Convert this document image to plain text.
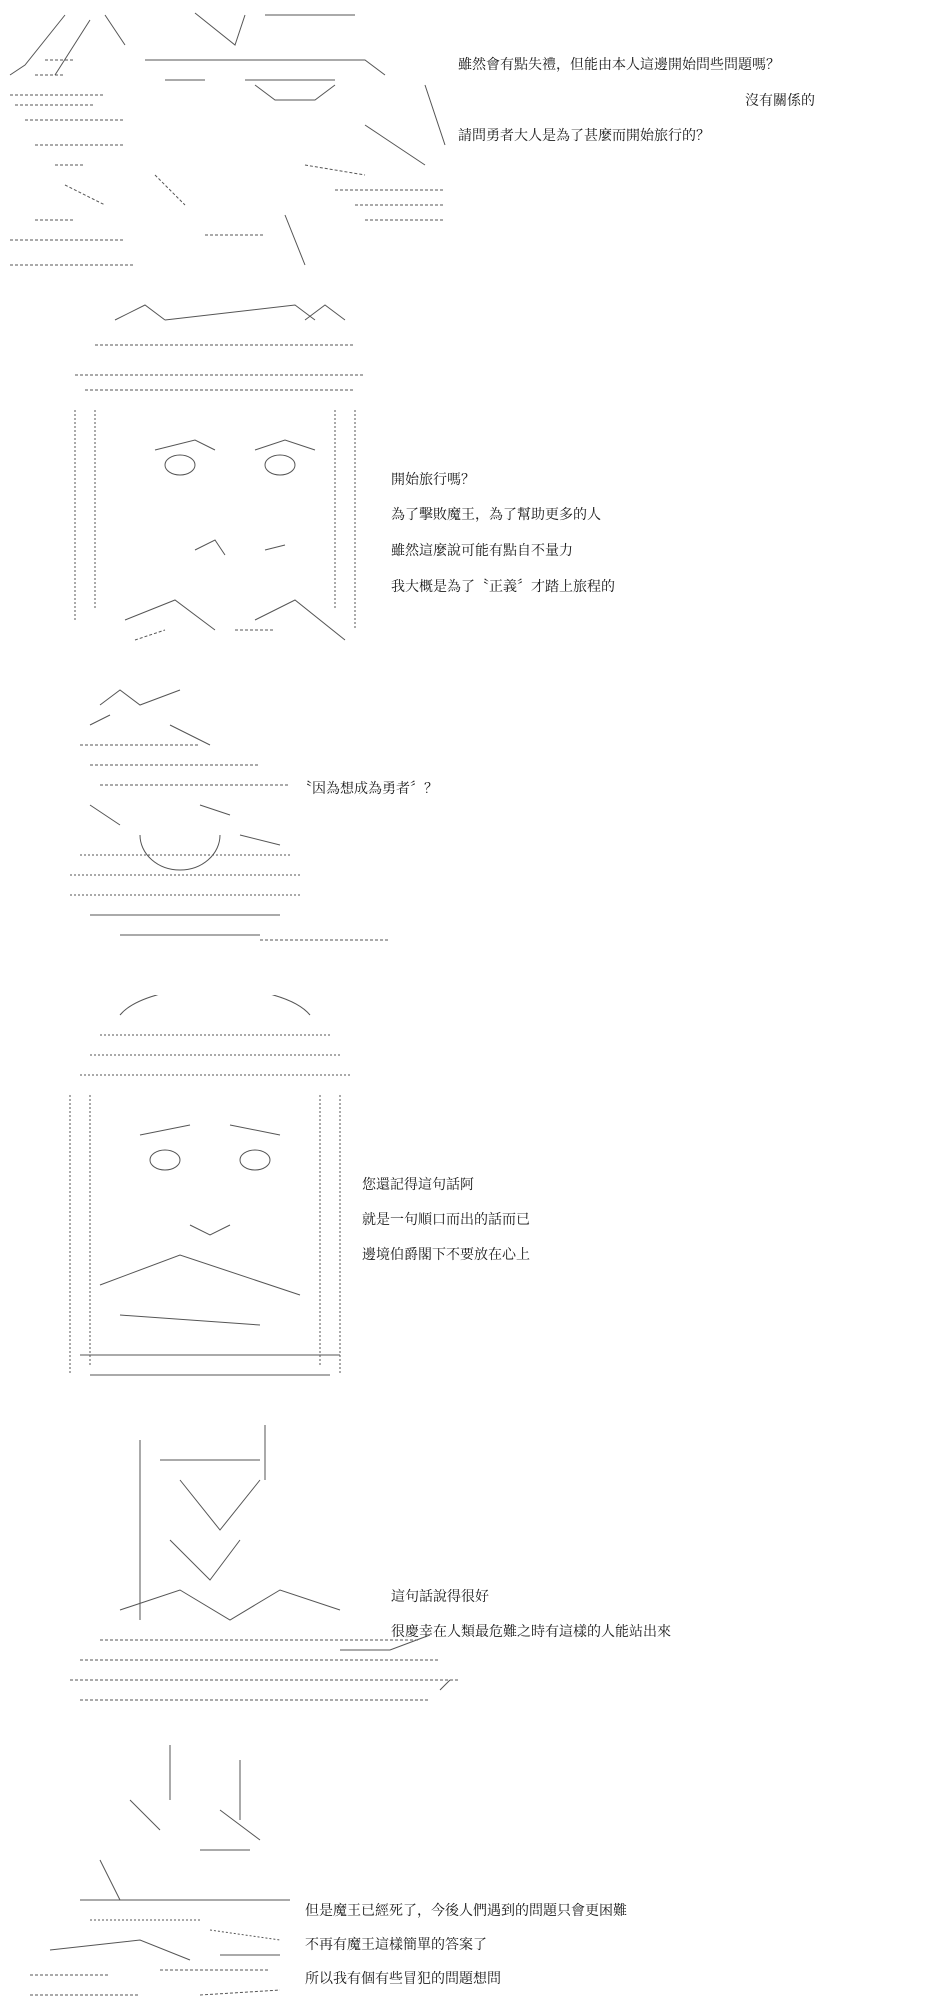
雖然會有點失禮，但能由本人這邊開始問些問題嗎？
沒有關係的
請問勇者大人是為了甚麼而開始旅行的？
開始旅行嗎？
為了擊敗魔王，為了幫助更多的人
雖然這麼說可能有點自不量力
我大概是為了〝正義〞才踏上旅程的
〝因為想成為勇者〞？
您還記得這句話阿
就是一句順口而出的話而已
邊境伯爵閣下不要放在心上
這句話說得很好
很慶幸在人類最危難之時有這樣的人能站出來
但是魔王已經死了，今後人們遇到的問題只會更困難
不再有魔王這樣簡單的答案了
所以我有個有些冒犯的問題想問
